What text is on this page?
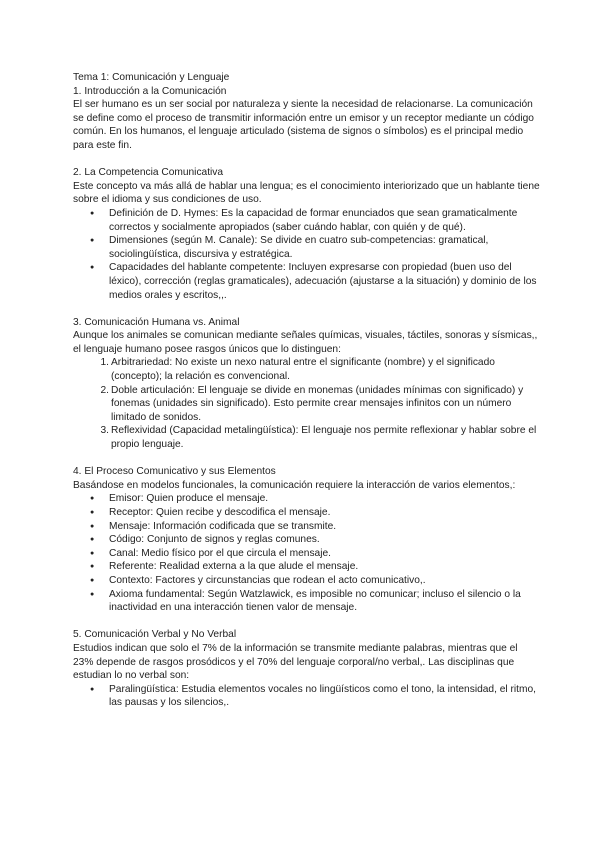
Tema 1: Comunicación y Lenguaje
1. Introducción a la Comunicación

El ser humano es un ser social por naturaleza y siente la necesidad de relacionarse. La comunicación se define como el proceso de transmitir información entre un emisor y un receptor mediante un código común. En los humanos, el lenguaje articulado (sistema de signos o símbolos) es el principal medio para este fin.

2. La Competencia Comunicativa

Este concepto va más allá de hablar una lengua; es el conocimiento interiorizado que un hablante tiene sobre el idioma y sus condiciones de uso.

● Definición de D. Hymes: Es la capacidad de formar enunciados que sean gramaticalmente correctos y socialmente apropiados (saber cuándo hablar, con quién y de qué).
● Dimensiones (según M. Canale): Se divide en cuatro sub-competencias: gramatical, sociolingüística, discursiva y estratégica.
● Capacidades del hablante competente: Incluyen expresarse con propiedad (buen uso del léxico), corrección (reglas gramaticales), adecuación (ajustarse a la situación) y dominio de los medios orales y escritos,,.
3. Comunicación Humana vs. Animal

Aunque los animales se comunican mediante señales químicas, visuales, táctiles, sonoras y sísmicas,, el lenguaje humano posee rasgos únicos que lo distinguen:

1. Arbitrariedad: No existe un nexo natural entre el significante (nombre) y el significado (concepto); la relación es convencional.
2. Doble articulación: El lenguaje se divide en monemas (unidades mínimas con significado) y fonemas (unidades sin significado). Esto permite crear mensajes infinitos con un número limitado de sonidos.
3. Reflexividad (Capacidad metalingüística): El lenguaje nos permite reflexionar y hablar sobre el propio lenguaje.
4. El Proceso Comunicativo y sus Elementos

Basándose en modelos funcionales, la comunicación requiere la interacción de varios elementos,:

● Emisor: Quien produce el mensaje.
● Receptor: Quien recibe y descodifica el mensaje.
● Mensaje: Información codificada que se transmite.
● Código: Conjunto de signos y reglas comunes.
● Canal: Medio físico por el que circula el mensaje.
● Referente: Realidad externa a la que alude el mensaje.
● Contexto: Factores y circunstancias que rodean el acto comunicativo,.
● Axioma fundamental: Según Watzlawick, es imposible no comunicar; incluso el silencio o la inactividad en una interacción tienen valor de mensaje.
5. Comunicación Verbal y No Verbal

Estudios indican que solo el 7% de la información se transmite mediante palabras, mientras que el 23% depende de rasgos prosódicos y el 70% del lenguaje corporal/no verbal,. Las disciplinas que estudian lo no verbal son:

● Paralingüística: Estudia elementos vocales no lingüísticos como el tono, la intensidad, el ritmo, las pausas y los silencios,.
